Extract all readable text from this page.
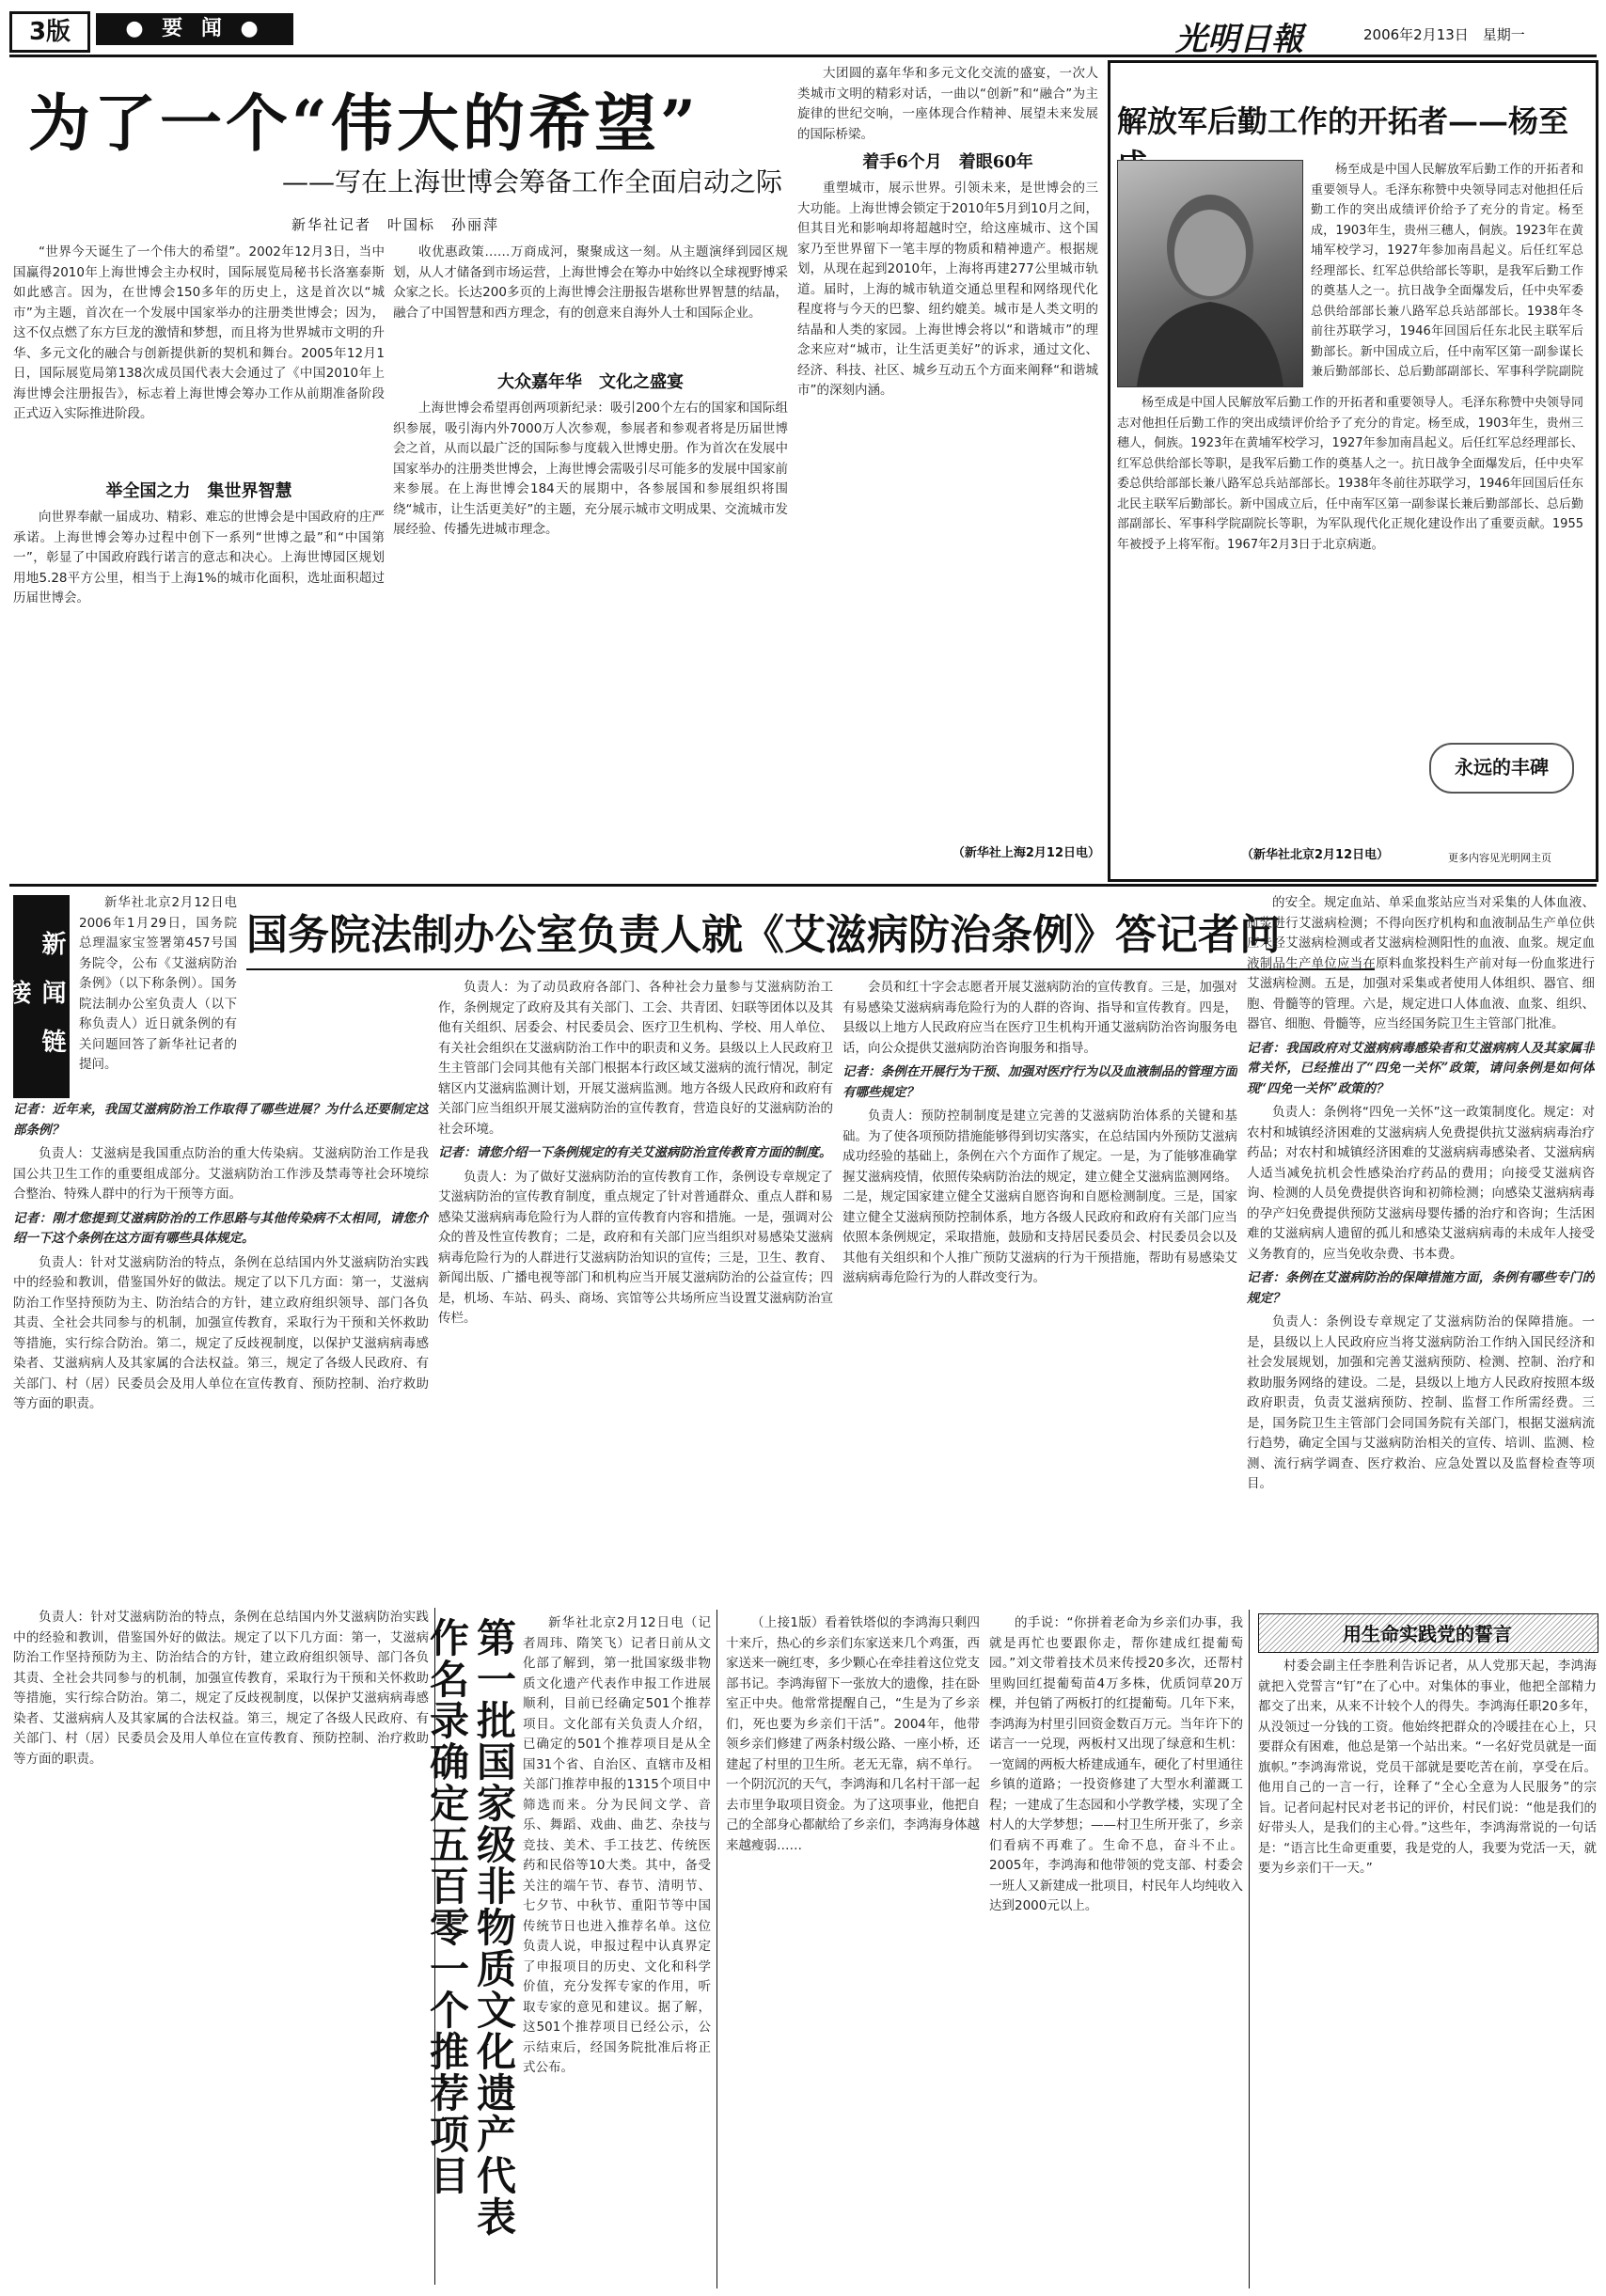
3版	● 要 闻 ●	光明日報	2006年2月13日　星期一
为了一个“伟大的希望”
——写在上海世博会筹备工作全面启动之际
新华社记者　叶国标　孙丽萍

“世界今天诞生了一个伟大的希望”。2002年12月3日，当中国赢得2010年上海世博会主办权时，国际展览局秘书长洛塞泰斯如此感言。因为，在世博会150多年的历史上，这是首次以“城市”为主题，首次在一个发展中国家举办的注册类世博会；因为，这不仅点燃了东方巨龙的激情和梦想，而且将为世界城市文明的升华、多元文化的融合与创新提供新的契机和舞台。2005年12月1日，国际展览局第138次成员国代表大会通过了《中国2010年上海世博会注册报告》，标志着上海世博会筹办工作从前期准备阶段正式迈入实际推进阶段。

举全国之力　集世界智慧

向世界奉献一届成功、精彩、难忘的世博会是中国政府的庄严承诺。上海世博会筹办过程中创下一系列“世博之最”和“中国第一”，彰显了中国政府践行诺言的意志和决心。上海世博园区规划用地5.28平方公里，相当于上海1%的城市化面积，选址面积超过历届世博会。

收优惠政策……万商成河，聚聚成这一刻。从主题演绎到园区规划，从人才储备到市场运营，上海世博会在筹办中始终以全球视野博采众家之长。长达200多页的上海世博会注册报告堪称世界智慧的结晶，融合了中国智慧和西方理念，有的创意来自海外人士和国际企业。

大众嘉年华　文化之盛宴

上海世博会希望再创两项新纪录：吸引200个左右的国家和国际组织参展，吸引海内外7000万人次参观，参展者和参观者将是历届世博会之首，从而以最广泛的国际参与度载入世博史册。作为首次在发展中国家举办的注册类世博会，上海世博会需吸引尽可能多的发展中国家前来参展。在上海世博会184天的展期中，各参展国和参展组织将围绕“城市，让生活更美好”的主题，充分展示城市文明成果、交流城市发展经验、传播先进城市理念。

大团圆的嘉年华和多元文化交流的盛宴，一次人类城市文明的精彩对话，一曲以“创新”和“融合”为主旋律的世纪交响，一座体现合作精神、展望未来发展的国际桥梁。

着手6个月　着眼60年

重塑城市，展示世界。引领未来，是世博会的三大功能。上海世博会锁定于2010年5月到10月之间，但其目光和影响却将超越时空，给这座城市、这个国家乃至世界留下一笔丰厚的物质和精神遗产。根据规划，从现在起到2010年，上海将再建277公里城市轨道。届时，上海的城市轨道交通总里程和网络现代化程度将与今天的巴黎、纽约媲美。城市是人类文明的结晶和人类的家园。上海世博会将以“和谐城市”的理念来应对“城市，让生活更美好”的诉求，通过文化、经济、科技、社区、城乡互动五个方面来阐释“和谐城市”的深刻内涵。

（新华社上海2月12日电）
解放军后勤工作的开拓者——杨至

杨至成是中国人民解放军后勤工作的开拓者和重要领导人。毛泽东称赞中央领导同志对他担任后勤工作的突出成绩评价给予了充分的肯定。杨至成，1903年生，贵州三穗人，侗族。1923年在黄埔军校学习，1927年参加南昌起义。后任红军总经理部长、红军总供给部长等职，是我军后勤工作的奠基人之一。抗日战争全面爆发后，任中央军委总供给部部长兼八路军总兵站部部长。1938年冬前往苏联学习，1946年回国后任东北民主联军后勤部长。新中国成立后，任中南军区第一副参谋长兼后勤部部长、总后勤部副部长、军事科学院副院

杨至成是中国人民解放军后勤工作的开拓者和重要领导人。毛泽东称赞中央领导同志对他担任后勤工作的突出成绩评价给予了充分的肯定。杨至成，1903年生，贵州三穗人，侗族。1923年在黄埔军校学习，1927年参加南昌起义。后任红军总经理部长、红军总供给部长等职，是我军后勤工作的奠基人之一。抗日战争全面爆发后，任中央军委总供给部部长兼八路军总兵站部部长。1938年冬前往苏联学习，1946年回国后任东北民主联军后勤部长。新中国成立后，任中南军区第一副参谋长兼后勤部部长、总后勤部副部长、军事科学院副院长等职，为军队现代化正规化建设作出了重要贡献。1955年被授予上将军衔。1967年2月3日于北京病逝。

永远的丰碑
（新华社北京2月12日电）	更多内容见光明网主页
新闻链接

新华社北京2月12日电　2006年1月29日，国务院总理温家宝签署第457号国务院令，公布《艾滋病防治条例》（以下称条例）。国务院法制办公室负责人（以下称负责人）近日就条例的有关问题回答了新华社记者的提问。

国务院法制办公室负责人就《艾滋病防治条例》答记者问
记者：近年来，我国艾滋病防治工作取得了哪些进展？为什么还要制定这部条例？

负责人：艾滋病是我国重点防治的重大传染病。艾滋病防治工作是我国公共卫生工作的重要组成部分。艾滋病防治工作涉及禁毒等社会环境综合整治、特殊人群中的行为干预等方面。

记者：刚才您提到艾滋病防治的工作思路与其他传染病不太相同，请您介绍一下这个条例在这方面有哪些具体规定。

负责人：针对艾滋病防治的特点，条例在总结国内外艾滋病防治实践中的经验和教训，借鉴国外好的做法。规定了以下几方面：第一，艾滋病防治工作坚持预防为主、防治结合的方针，建立政府组织领导、部门各负其责、全社会共同参与的机制，加强宣传教育，采取行为干预和关怀救助等措施，实行综合防治。第二，规定了反歧视制度，以保护艾滋病病毒感染者、艾滋病病人及其家属的合法权益。第三，规定了各级人民政府、有关部门、村（居）民委员会及用人单位在宣传教育、预防控制、治疗救助等方面的职责。

负责人：为了动员政府各部门、各种社会力量参与艾滋病防治工作，条例规定了政府及其有关部门、工会、共青团、妇联等团体以及其他有关组织、居委会、村民委员会、医疗卫生机构、学校、用人单位、有关社会组织在艾滋病防治工作中的职责和义务。县级以上人民政府卫生主管部门会同其他有关部门根据本行政区域艾滋病的流行情况，制定辖区内艾滋病监测计划，开展艾滋病监测。地方各级人民政府和政府有关部门应当组织开展艾滋病防治的宣传教育，营造良好的艾滋病防治的社会环境。

记者：请您介绍一下条例规定的有关艾滋病防治宣传教育方面的制度。

负责人：为了做好艾滋病防治的宣传教育工作，条例设专章规定了艾滋病防治的宣传教育制度，重点规定了针对普通群众、重点人群和易感染艾滋病病毒危险行为人群的宣传教育内容和措施。一是，强调对公众的普及性宣传教育；二是，政府和有关部门应当组织对易感染艾滋病病毒危险行为的人群进行艾滋病防治知识的宣传；三是，卫生、教育、新闻出版、广播电视等部门和机构应当开展艾滋病防治的公益宣传；四是，机场、车站、码头、商场、宾馆等公共场所应当设置艾滋病防治宣传栏。

会员和红十字会志愿者开展艾滋病防治的宣传教育。三是，加强对有易感染艾滋病病毒危险行为的人群的咨询、指导和宣传教育。四是，县级以上地方人民政府应当在医疗卫生机构开通艾滋病防治咨询服务电话，向公众提供艾滋病防治咨询服务和指导。

记者：条例在开展行为干预、加强对医疗行为以及血液制品的管理方面有哪些规定？

负责人：预防控制制度是建立完善的艾滋病防治体系的关键和基础。为了使各项预防措施能够得到切实落实，在总结国内外预防艾滋病成功经验的基础上，条例在六个方面作了规定。一是，为了能够准确掌握艾滋病疫情，依照传染病防治法的规定，建立健全艾滋病监测网络。二是，规定国家建立健全艾滋病自愿咨询和自愿检测制度。三是，国家建立健全艾滋病预防控制体系，地方各级人民政府和政府有关部门应当依照本条例规定，采取措施，鼓励和支持居民委员会、村民委员会以及其他有关组织和个人推广预防艾滋病的行为干预措施，帮助有易感染艾滋病病毒危险行为的人群改变行为。

的安全。规定血站、单采血浆站应当对采集的人体血液、血浆进行艾滋病检测；不得向医疗机构和血液制品生产单位供应未经艾滋病检测或者艾滋病检测阳性的血液、血浆。规定血液制品生产单位应当在原料血浆投料生产前对每一份血浆进行艾滋病检测。五是，加强对采集或者使用人体组织、器官、细胞、骨髓等的管理。六是，规定进口人体血液、血浆、组织、器官、细胞、骨髓等，应当经国务院卫生主管部门批准。

记者：我国政府对艾滋病病毒感染者和艾滋病病人及其家属非常关怀，已经推出了“四免一关怀”政策，请问条例是如何体现“四免一关怀”政策的？

负责人：条例将“四免一关怀”这一政策制度化。规定：对农村和城镇经济困难的艾滋病病人免费提供抗艾滋病病毒治疗药品；对农村和城镇经济困难的艾滋病病毒感染者、艾滋病病人适当减免抗机会性感染治疗药品的费用；向接受艾滋病咨询、检测的人员免费提供咨询和初筛检测；向感染艾滋病病毒的孕产妇免费提供预防艾滋病母婴传播的治疗和咨询；生活困难的艾滋病病人遗留的孤儿和感染艾滋病病毒的未成年人接受义务教育的，应当免收杂费、书本费。

记者：条例在艾滋病防治的保障措施方面，条例有哪些专门的规定？

负责人：条例设专章规定了艾滋病防治的保障措施。一是，县级以上人民政府应当将艾滋病防治工作纳入国民经济和社会发展规划，加强和完善艾滋病预防、检测、控制、治疗和救助服务网络的建设。二是，县级以上地方人民政府按照本级政府职责，负责艾滋病预防、控制、监督工作所需经费。三是，国务院卫生主管部门会同国务院有关部门，根据艾滋病流行趋势，确定全国与艾滋病防治相关的宣传、培训、监测、检测、流行病学调查、医疗救治、应急处置以及监督检查等项目。

负责人：针对艾滋病防治的特点，条例在总结国内外艾滋病防治实践中的经验和教训，借鉴国外好的做法。规定了以下几方面：第一，艾滋病防治工作坚持预防为主、防治结合的方针，建立政府组织领导、部门各负其责、全社会共同参与的机制，加强宣传教育，采取行为干预和关怀救助等措施，实行综合防治。第二，规定了反歧视制度，以保护艾滋病病毒感染者、艾滋病病人及其家属的合法权益。第三，规定了各级人民政府、有关部门、村（居）民委员会及用人单位在宣传教育、预防控制、治疗救助等方面的职责。	第一批国家级非物质文化遗产代表作名录确定五百零一个推荐项目	新华社北京2月12日电（记者周玮、隋笑飞）记者日前从文化部了解到，第一批国家级非物质文化遗产代表作申报工作进展顺利，目前已经确定501个推荐项目。文化部有关负责人介绍，已确定的501个推荐项目是从全国31个省、自治区、直辖市及相关部门推荐申报的1315个项目中筛选而来。分为民间文学、音乐、舞蹈、戏曲、曲艺、杂技与竞技、美术、手工技艺、传统医药和民俗等10大类。其中，备受关注的端午节、春节、清明节、七夕节、中秋节、重阳节等中国传统节日也进入推荐名单。这位负责人说，申报过程中认真界定了申报项目的历史、文化和科学价值，充分发挥专家的作用，听取专家的意见和建议。据了解，这501个推荐项目已经公示，公示结束后，经国务院批准后将正式公布。

（上接1版）看着铁塔似的李鸿海只剩四十来斤，热心的乡亲们东家送来几个鸡蛋，西家送来一碗红枣，多少颗心在牵挂着这位党支部书记。李鸿海留下一张放大的遗像，挂在卧室正中央。他常常提醒自己，“生是为了乡亲们，死也要为乡亲们干活”。2004年，他带领乡亲们修建了两条村级公路、一座小桥，还建起了村里的卫生所。老无无靠，病不单行。一个阴沉沉的天气，李鸿海和几名村干部一起去市里争取项目资金。为了这项事业，他把自己的全部身心都献给了乡亲们，李鸿海身体越来越瘦弱……

的手说：“你拼着老命为乡亲们办事，我就是再忙也要跟你走，帮你建成红提葡萄园。”刘文带着技术员来传授20多次，还帮村里购回红提葡萄苗4万多株，优质饲草20万棵，并包销了两板打的红提葡萄。几年下来，李鸿海为村里引回资金数百万元。当年许下的诺言一一兑现，两板村又出现了绿意和生机：一宽阔的两板大桥建成通车，硬化了村里通往乡镇的道路；一投资修建了大型水利灌溉工程；一建成了生态园和小学教学楼，实现了全村人的大学梦想；——村卫生所开张了，乡亲们看病不再难了。生命不息，奋斗不止。2005年，李鸿海和他带领的党支部、村委会一班人又新建成一批项目，村民年人均纯收入达到2000元以上。

用生命实践党的誓言

村委会副主任李胜利告诉记者，从人党那天起，李鸿海就把入党誓言“钉”在了心中。对集体的事业，他把全部精力都交了出来，从来不计较个人的得失。李鸿海任职20多年，从没领过一分钱的工资。他始终把群众的冷暖挂在心上，只要群众有困难，他总是第一个站出来。“一名好党员就是一面旗帜。”李鸿海常说，党员干部就是要吃苦在前，享受在后。他用自己的一言一行，诠释了“全心全意为人民服务”的宗旨。记者问起村民对老书记的评价，村民们说：“他是我们的好带头人，是我们的主心骨。”这些年，李鸿海常说的一句话是：“语言比生命更重要，我是党的人，我要为党活一天，就要为乡亲们干一天。”
